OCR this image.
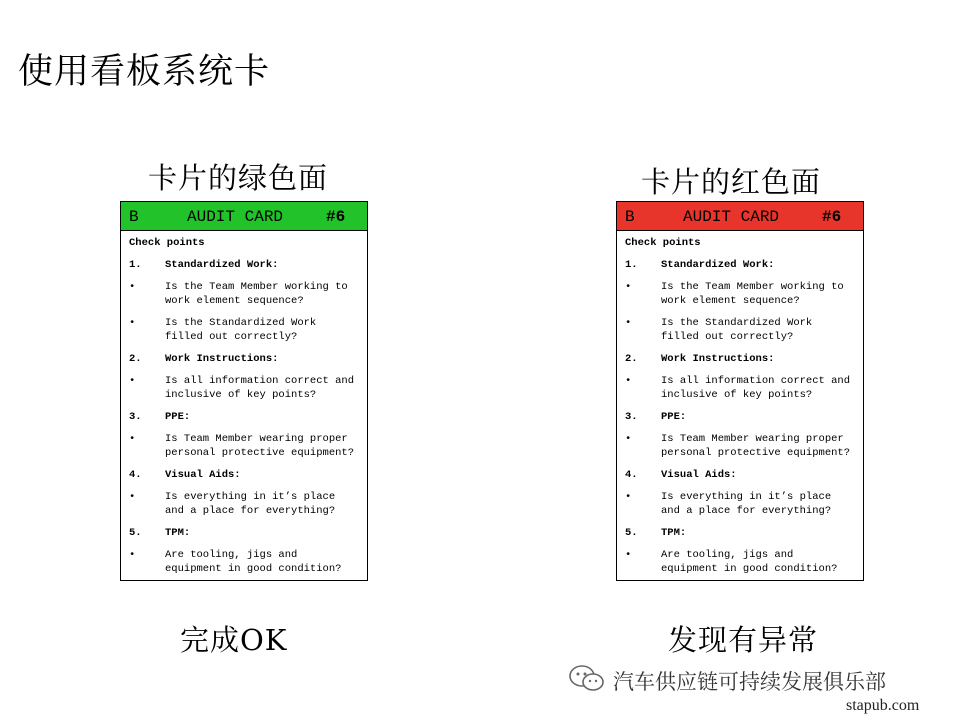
使用看板系统卡
卡片的绿色面
B	AUDIT CARD	#6
Check points
1.	Standardized Work:
•	Is the Team Member working to work element sequence?
•	Is the Standardized Work filled out correctly?
2.	Work Instructions:
•	Is all information correct and inclusive of key points?
3.	PPE:
•	Is Team Member wearing proper personal protective equipment?
4.	Visual Aids:
•	Is everything in it’s place and a place for everything?
5.	TPM:
•	Are tooling, jigs and equipment in good condition?
完成OK
卡片的红色面
B	AUDIT CARD	#6
Check points
1.	Standardized Work:
•	Is the Team Member working to work element sequence?
•	Is the Standardized Work filled out correctly?
2.	Work Instructions:
•	Is all information correct and inclusive of key points?
3.	PPE:
•	Is Team Member wearing proper personal protective equipment?
4.	Visual Aids:
•	Is everything in it’s place and a place for everything?
5.	TPM:
•	Are tooling, jigs and equipment in good condition?
发现有异常
汽车供应链可持续发展俱乐部
stapub.com
